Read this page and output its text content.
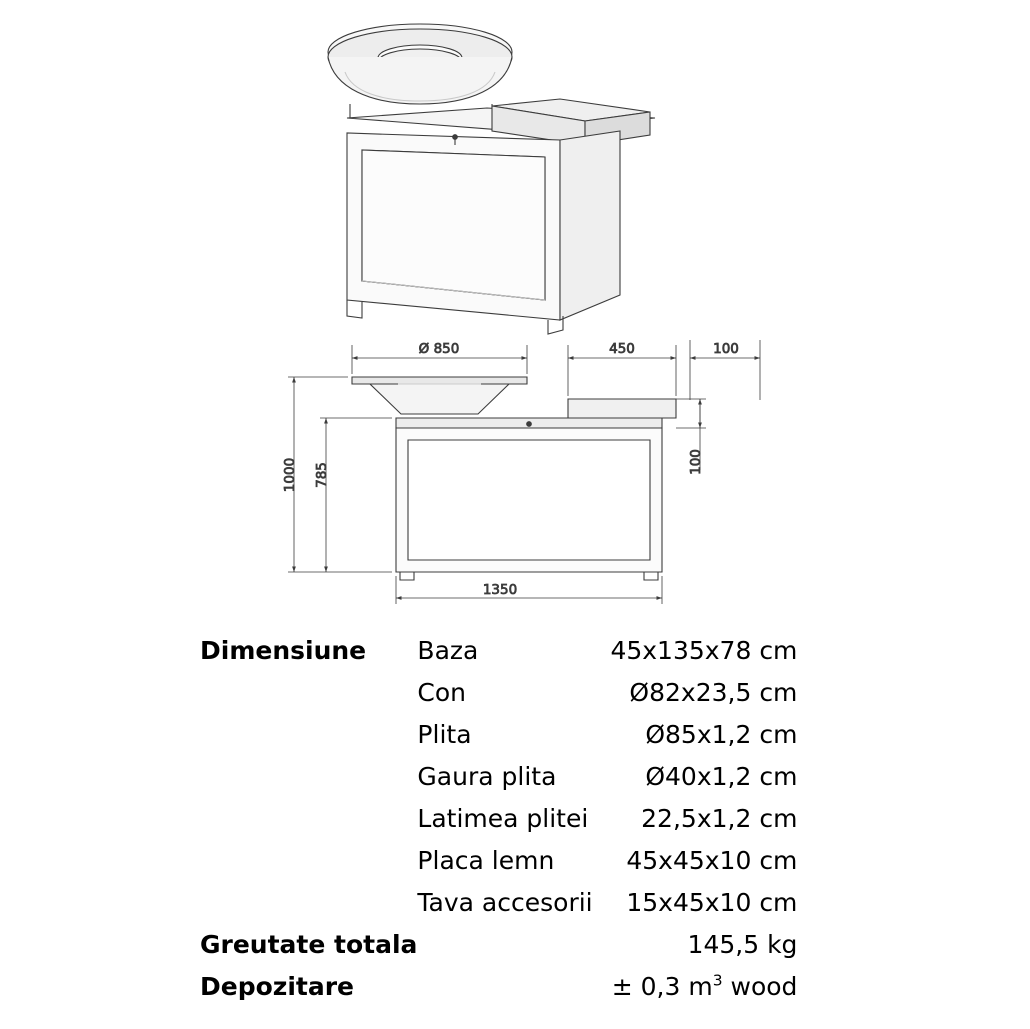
Ø 850	450	100
1000 785
100
1350
Dimensiune	Baza	45x135x78 cm
	Con	Ø82x23,5 cm
	Plita	Ø85x1,2 cm
	Gaura plita	Ø40x1,2 cm
	Latimea plitei	22,5x1,2 cm
	Placa lemn	45x45x10 cm
	Tava accesorii	15x45x10 cm
Greutate totala		145,5 kg
Depozitare		± 0,3 $m^3$ wood
